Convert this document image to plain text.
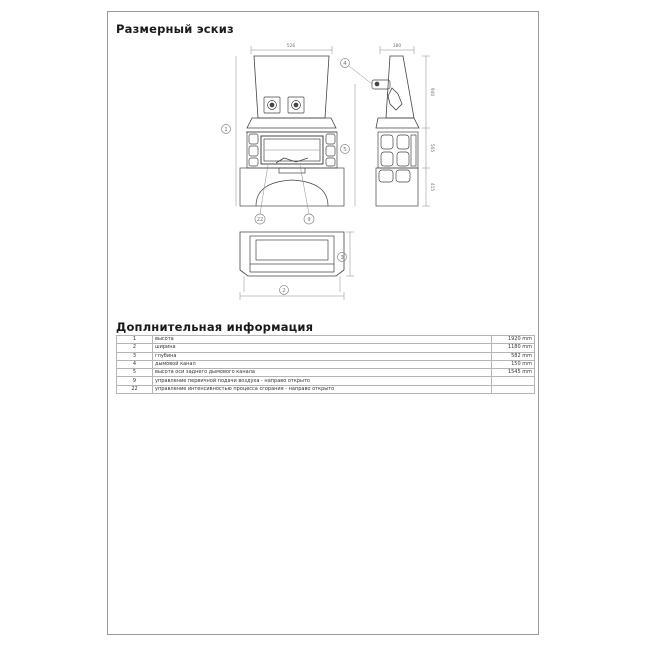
Размерный эскиз
526
1
22	9
380
940
565
415
4
5
2
3
Доплнительная информация
1	высота	1920 mm
2	ширина	1180 mm
3	глубина	582 mm
4	дымовой канал	150 mm
5	высота оси заднего дымового канала	1545 mm
9	управление первичной подачи воздуха - направо открыто	
22	управление интенсивностью процесса сгорания - направо открыто	
